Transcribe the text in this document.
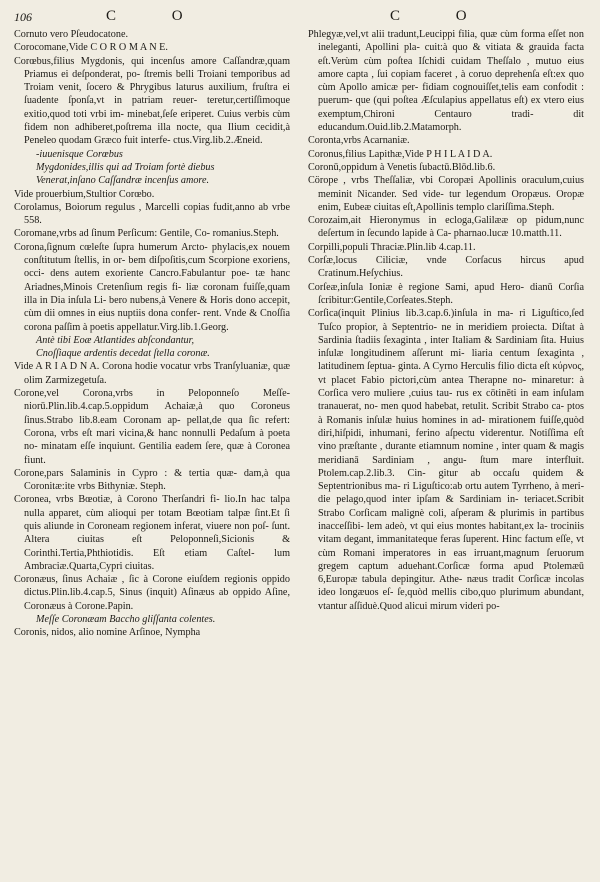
106	C O	C O

Cornuto vero Pſeudocatone.

Corocomane,Vide C O R O M A N E.

Corœbus,filius Mygdonis, qui incenſus amore Caſſandræ,quam Priamus ei deſponderat, po‑ ſtremis belli Troiani temporibus ad Troiam venit, ſocero & Phrygibus laturus auxilium, fruſtra ei ſuadente ſponſa,vt in patriam reuer‑ teretur,certiſſimoque exitio,quod toti vrbi im‑ minebat,ſeſe eriperet. Cuius verbis cùm fidem non adhiberet,poſtrema illa nocte, qua Ilium cecidit,à Peneleo quodam Græco fuit interfe‑ ctus.Virg.lib.2.Æneid.

‑iuuenisque Corœbus

Mygdonides,illis qui ad Troiam fortè diebus

Venerat,inſano Caſſandræ incenſus amore.

Vide prouerbium,Stultior Corœbo.

Corolamus, Boiorum regulus , Marcelli copias fudit,anno ab vrbe 558.

Coromane,vrbs ad ſinum Perſicum: Gentile, Co‑ romanius.Steph.

Corona,ſignum cœleſte ſupra humerum Arcto‑ phylacis,ex nouem conſtitutum ſtellis, in or‑ bem diſpoſitis,cum Scorpione exoriens, occi‑ dens autem exoriente Cancro.Fabulantur poe‑ tæ hanc Ariadnes,Minois Cretenſium regis fi‑ liæ coronam fuiſſe,quam illa in Dia inſula Li‑ bero nubens,à Venere & Horis dono accepit, cùm dii omnes in eius nuptiis dona confer‑ rent. Vnde & Cnoſſia corona paſſim à poetis appellatur.Virg.lib.1.Georg.

Antè tibi Eoæ Atlantides abſcondantur,

Cnoſſiaque ardentis decedat ſtella coronæ.

Vide A R I A D N A. Corona hodie vocatur vrbs Tranſyluaniæ, quæ olim Zarmizegetuſa.

Corone,vel Corona,vrbs in Peloponneſo Meſſe‑ niorū.Plin.lib.4.cap.5.oppidum Achaiæ,à quo Coroneus ſinus.Strabo lib.8.eam Coronam ap‑ pellat,de qua ſic refert: Corona, vrbs eſt mari vicina,& hanc nonnulli Pedaſum à poeta no‑ minatam eſſe inquiunt. Gentilia eadem ſere, quæ à Coronea fiunt.

Corone,pars Salaminis in Cypro : & tertia quæ‑ dam,à qua Coronitæ:ite vrbs Bithyniæ. Steph.

Coronea, vrbs Bœotiæ, à Corono Therſandri fi‑ lio.In hac talpa nulla apparet, cùm alioqui per totam Bœotiam talpæ ſint.Et ſi quis aliunde in Coroneam regionem inferat, viuere non poſ‑ ſunt. Altera ciuitas eſt Peloponneſi,Sicionis & Corinthi.Tertia,Phthiotidis. Eſt etiam Caſtel‑ lum Ambraciæ.Quarta,Cypri ciuitas.

Coronæus, ſinus Achaiæ , ſic à Corone eiuſdem regionis oppido dictus.Plin.lib.4.cap.5, Sinus (inquit) Aſinæus ab oppido Aſine, Coronæus à Corone.Papin.

Meſſe Coronæam Baccho gliſſanta colentes.

Coronis, nidos, alio nomine Arſinoe, Nympha

Phlegyæ,vel,vt alii tradunt,Leucippi filia, quæ cùm forma eſſet non ineleganti, Apollini pla‑ cuit:à quo & vitiata & grauida facta eſt.Verùm cùm poſtea Iſchidi cuidam Theſſalo , mutuo eius amore capta , ſui copiam faceret , à coruo deprehenſa eſt:ex quo cùm Apollo amicæ per‑ fidiam cognouiſſet,telis eam confodit : puerum‑ que (qui poſtea Æſculapius appellatus eſt) ex vtero eius exemptum,Chironi Centauro tradi‑ dit educandum.Ouid.lib.2.Matamorph.

Coronta,vrbs Acarnaniæ.

Coronus,filius Lapithæ,Vide P H I L A I D A.

Coronū,oppidum à Venetis ſubactū.Blōd.lib.6.

Cörope , vrbs Theſſaliæ, vbi Coropæi Apollinis oraculum,cuius meminit Nicander. Sed vide‑ tur legendum Oropæus. Oropæ enim, Eubeæ ciuitas eſt,Apollinis templo clariſſima.Steph.

Corozaim,ait Hieronymus in ecloga,Galilææ op pidum,nunc deſertum in ſecundo lapide à Ca‑ pharnao.lucæ 10.matth.11.

Corpilli,populi Thraciæ.Plin.lib 4.cap.11.

Corſæ,locus Ciliciæ, vnde Corſacus hircus apud Cratinum.Heſychius.

Corſeæ,inſula Ioniæ è regione Sami, apud Hero‑ dianū Corſia ſcribitur:Gentile,Corſeates.Steph.

Corſica(inquit Plinius lib.3.cap.6.)inſula in ma‑ ri Liguſtico,ſed Tuſco propior, à Septentrio‑ ne in meridiem proiecta. Diſtat à Sardinia ſtadiis ſexaginta , inter Italiam & Sardiniam ſita. Huius inſulæ longitudinem aſſerunt mi‑ liaria centum ſexaginta , latitudinem ſeptua‑ ginta. A Cyrno Herculis filio dicta eſt κύρνος, vt placet Fabio pictori,cùm antea Therapne no‑ minaretur: à Corſica vero muliere ,cuius tau‑ rus ex cōtinēti in eam inſulam tranauerat, no‑ men quod habebat, retulit. Scribit Strabo ca‑ ptos à Romanis inſulæ huius homines in ad‑ mirationem fuiſſe,quòd diri,hiſpidi, inhumani, ferino aſpectu viderentur. Notiſſima eſt vino præſtante , durante etiamnum nomine , inter quam & magis meridianā Sardiniam , angu‑ ſtum mare interfluit. Ptolem.cap.2.lib.3. Cin‑ gitur ab occaſu quidem & Septentrionibus ma‑ ri Liguſtico:ab ortu autem Tyrrheno, à meri‑ die pelago,quod inter ipſam & Sardiniam in‑ teriacet.Scribit Strabo Corſicam malignè coli, aſperam & plurimis in partibus inacceſſibi‑ lem adeò, vt qui eius montes habitant,ex la‑ trociniis vitam degant, immanitateque feras ſuperent. Hinc factum eſſe, vt cùm Romani imperatores in eas irruant,magnum ſeruorum gregem captum aduehant.Corſicæ forma apud Ptolemæū 6,Europæ tabula depingitur. Athe‑ næus tradit Corſicæ incolas ideo longæuos eſ‑ ſe,quòd mellis cibo,quo plurimum abundant, vtantur aſſiduè.Quod alicui mirum videri po‑
